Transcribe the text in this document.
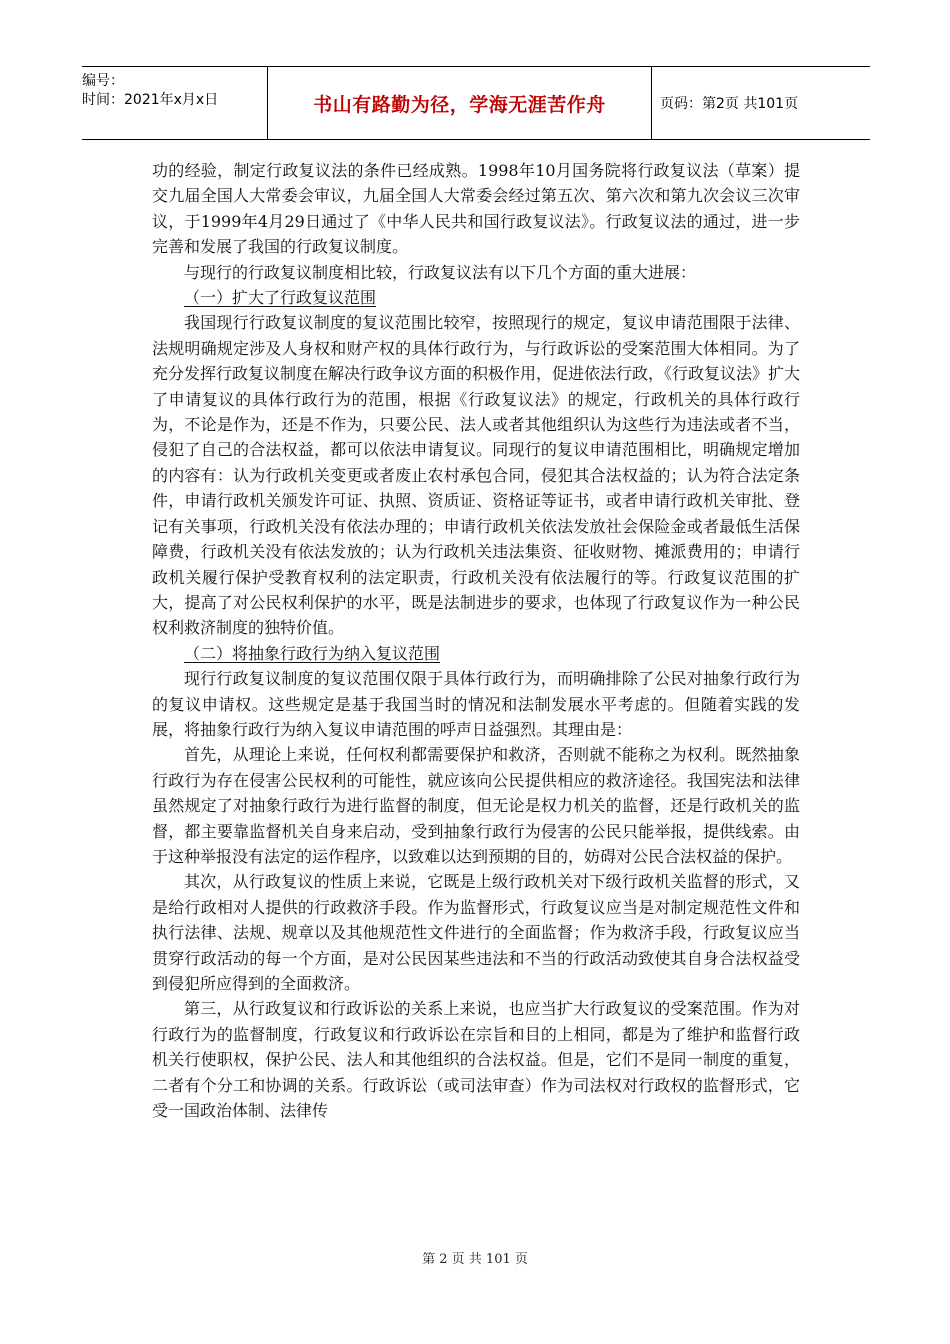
编号：
时间：2021年x月x日	书山有路勤为径，学海无涯苦作舟	页码：第2页 共101页

功的经验，制定行政复议法的条件已经成熟。1998年10月国务院将行政复议法（草案）提交九届全国人大常委会审议，九届全国人大常委会经过第五次、第六次和第九次会议三次审议，于1999年4月29日通过了《中华人民共和国行政复议法》。行政复议法的通过，进一步完善和发展了我国的行政复议制度。

与现行的行政复议制度相比较，行政复议法有以下几个方面的重大进展：

（一）扩大了行政复议范围

我国现行行政复议制度的复议范围比较窄，按照现行的规定，复议申请范围限于法律、法规明确规定涉及人身权和财产权的具体行政行为，与行政诉讼的受案范围大体相同。为了充分发挥行政复议制度在解决行政争议方面的积极作用，促进依法行政，《行政复议法》扩大了申请复议的具体行政行为的范围，根据《行政复议法》的规定，行政机关的具体行政行为，不论是作为，还是不作为，只要公民、法人或者其他组织认为这些行为违法或者不当，侵犯了自己的合法权益，都可以依法申请复议。同现行的复议申请范围相比，明确规定增加的内容有：认为行政机关变更或者废止农村承包合同，侵犯其合法权益的；认为符合法定条件，申请行政机关颁发许可证、执照、资质证、资格证等证书，或者申请行政机关审批、登记有关事项，行政机关没有依法办理的；申请行政机关依法发放社会保险金或者最低生活保障费，行政机关没有依法发放的；认为行政机关违法集资、征收财物、摊派费用的；申请行政机关履行保护受教育权利的法定职责，行政机关没有依法履行的等。行政复议范围的扩大，提高了对公民权利保护的水平，既是法制进步的要求，也体现了行政复议作为一种公民权利救济制度的独特价值。

（二）将抽象行政行为纳入复议范围

现行行政复议制度的复议范围仅限于具体行政行为，而明确排除了公民对抽象行政行为的复议申请权。这些规定是基于我国当时的情况和法制发展水平考虑的。但随着实践的发展，将抽象行政行为纳入复议申请范围的呼声日益强烈。其理由是：

首先，从理论上来说，任何权利都需要保护和救济，否则就不能称之为权利。既然抽象行政行为存在侵害公民权利的可能性，就应该向公民提供相应的救济途径。我国宪法和法律虽然规定了对抽象行政行为进行监督的制度，但无论是权力机关的监督，还是行政机关的监督，都主要靠监督机关自身来启动，受到抽象行政行为侵害的公民只能举报，提供线索。由于这种举报没有法定的运作程序，以致难以达到预期的目的，妨碍对公民合法权益的保护。

其次，从行政复议的性质上来说，它既是上级行政机关对下级行政机关监督的形式，又是给行政相对人提供的行政救济手段。作为监督形式，行政复议应当是对制定规范性文件和执行法律、法规、规章以及其他规范性文件进行的全面监督；作为救济手段，行政复议应当贯穿行政活动的每一个方面，是对公民因某些违法和不当的行政活动致使其自身合法权益受到侵犯所应得到的全面救济。

第三，从行政复议和行政诉讼的关系上来说，也应当扩大行政复议的受案范围。作为对行政行为的监督制度，行政复议和行政诉讼在宗旨和目的上相同，都是为了维护和监督行政机关行使职权，保护公民、法人和其他组织的合法权益。但是，它们不是同一制度的重复，二者有个分工和协调的关系。行政诉讼（或司法审查）作为司法权对行政权的监督形式，它受一国政治体制、法律传

第 2 页 共 101 页
